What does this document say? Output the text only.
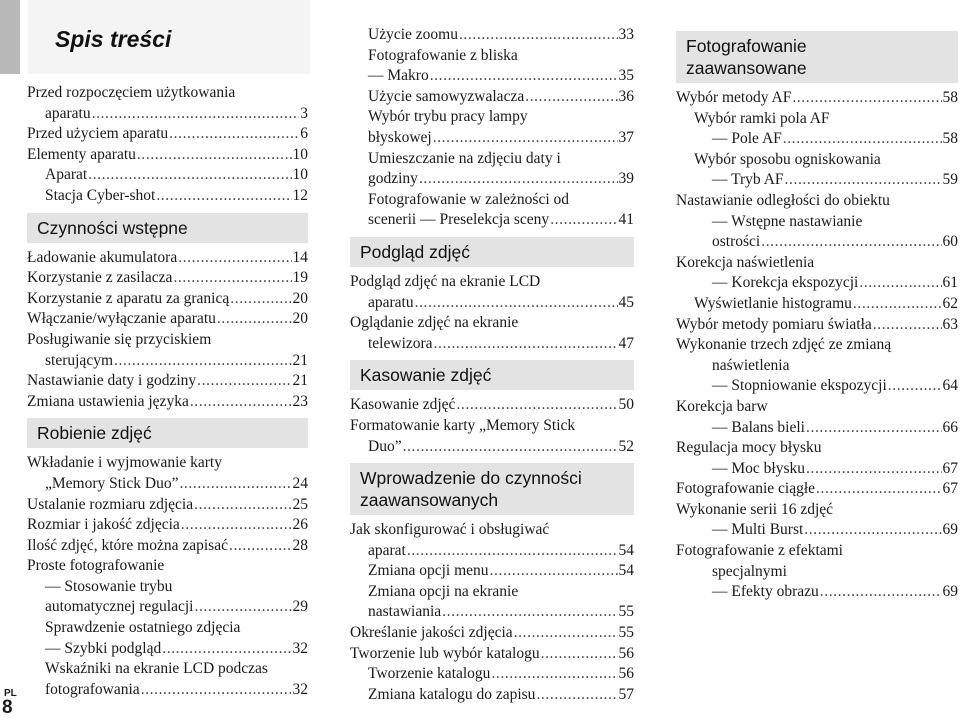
PL
8
Spis treści
Przed rozpoczęciem użytkowania
aparatu .....	3
Przed użyciem aparatu .....	6
Elementy aparatu .....	10
Aparat .....	10
Stacja Cyber-shot .....	12
Czynności wstępne
Ładowanie akumulatora .....	14
Korzystanie z zasilacza .....	19
Korzystanie z aparatu za granicą .....	20
Włączanie/wyłączanie aparatu .....	20
Posługiwanie się przyciskiem
sterującym .....	21
Nastawianie daty i godziny .....	21
Zmiana ustawienia języka .....	23
Robienie zdjęć
Wkładanie i wyjmowanie karty
„Memory Stick Duo” .....	24
Ustalanie rozmiaru zdjęcia .....	25
Rozmiar i jakość zdjęcia .....	26
Ilość zdjęć, które można zapisać .....	28
Proste fotografowanie
— Stosowanie trybu
automatycznej regulacji .....	29
Sprawdzenie ostatniego zdjęcia
— Szybki podgląd .....	32
Wskaźniki na ekranie LCD podczas
fotografowania .....	32
Użycie zoomu .....	33
Fotografowanie z bliska
— Makro .....	35
Użycie samowyzwalacza .....	36
Wybór trybu pracy lampy
błyskowej .....	37
Umieszczanie na zdjęciu daty i
godziny .....	39
Fotografowanie w zależności od
scenerii — Preselekcja sceny .....	41
Podgląd zdjęć
Podgląd zdjęć na ekranie LCD
aparatu .....	45
Oglądanie zdjęć na ekranie
telewizora .....	47
Kasowanie zdjęć
Kasowanie zdjęć .....	50
Formatowanie karty „Memory Stick
Duo” .....	52
Wprowadzenie do czynności
zaawansowanych
Jak skonfigurować i obsługiwać
aparat .....	54
Zmiana opcji menu .....	54
Zmiana opcji na ekranie
nastawiania .....	55
Określanie jakości zdjęcia .....	55
Tworzenie lub wybór katalogu .....	56
Tworzenie katalogu .....	56
Zmiana katalogu do zapisu .....	57
Fotografowanie
zaawansowane
Wybór metody AF .....	58
Wybór ramki pola AF
— Pole AF .....	58
Wybór sposobu ogniskowania
— Tryb AF .....	59
Nastawianie odległości do obiektu
— Wstępne nastawianie
ostrości .....	60
Korekcja naświetlenia
— Korekcja ekspozycji .....	61
Wyświetlanie histogramu .....	62
Wybór metody pomiaru światła .....	63
Wykonanie trzech zdjęć ze zmianą
naświetlenia
— Stopniowanie ekspozycji .....	64
Korekcja barw
— Balans bieli .....	66
Regulacja mocy błysku
— Moc błysku .....	67
Fotografowanie ciągłe .....	67
Wykonanie serii 16 zdjęć
— Multi Burst .....	69
Fotografowanie z efektami
specjalnymi
— Efekty obrazu .....	69
